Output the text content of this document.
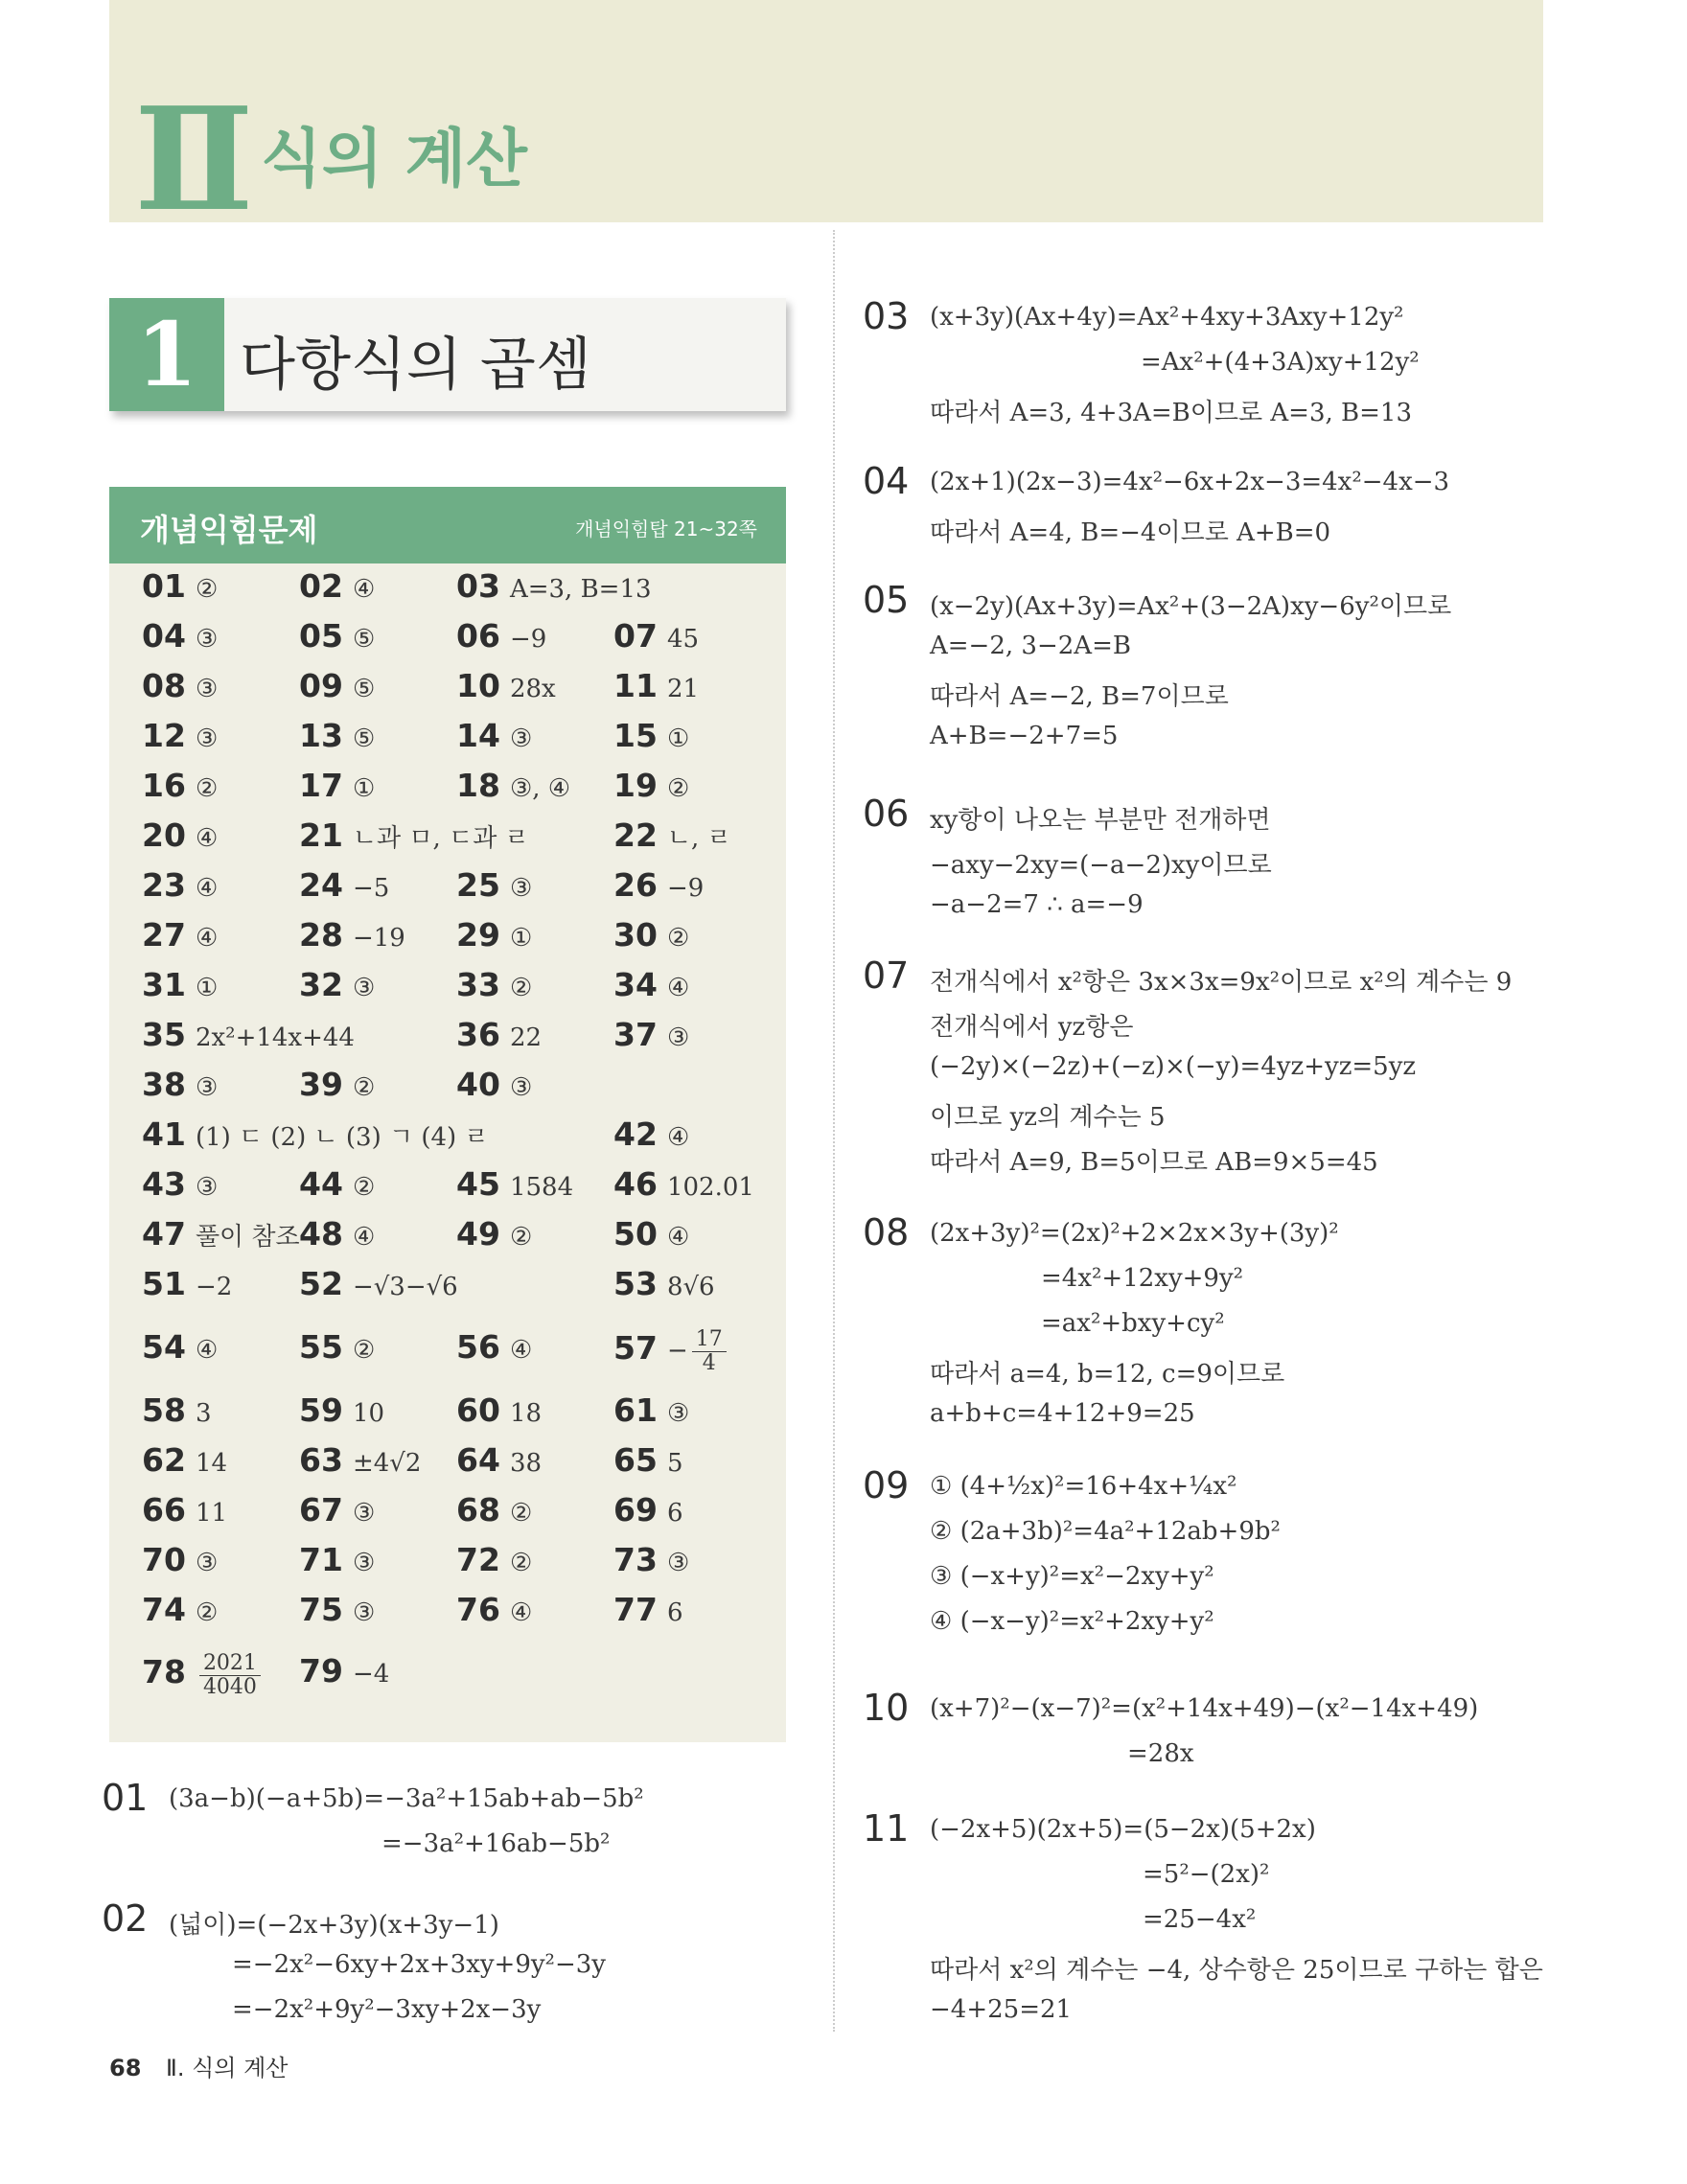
Ⅱ 식의 계산
1 다항식의 곱셈
개념익힘문제	개념익힘탑 21~32쪽
68 Ⅱ. 식의 계산
01 ②	02 ④	03 A=3, B=13
04 ③	05 ⑤	06 −9 07 45
08 ③	09 ⑤	10 28x 11 21
12 ③	13 ⑤	14 ③	15 ①
16 ②	17 ①	18 ③, ④ 19 ②
20 ④	21 ㄴ과 ㅁ, ㄷ과 ㄹ	22 ㄴ, ㄹ
23 ④	24 −5 25 ③	26 −9
27 ④	28 −19 29 ①	30 ②
31 ①	32 ③	33 ②	34 ④
35 2x²+14x+44	36 22 37 ③
38 ③	39 ②	40 ③
41 (1) ㄷ (2) ㄴ (3) ㄱ (4) ㄹ	42 ④
43 ③	44 ②	45 1584 46 102.01
47 풀이 참조 48 ④	49 ②	50 ④
51 −2 52 −√3−√6	53 8√6
54 ④	55 ②	56 ④	$57 - \frac{17}{4}$
58 3	59 10 60 18 61 ③
62 14 63 ±4√2 64 38 65 5
66 11 67 ③	68 ②	69 6
70 ③	71 ③	72 ②	73 ③
74 ②	75 ③	76 ④	77 6
$78 \frac{2021}{4040} 79 -4$
01 (3a−b)(−a+5b)=−3a²+15ab+ab−5b²
=−3a²+16ab−5b²
02 (넓이)=(−2x+3y)(x+3y−1)
=−2x²−6xy+2x+3xy+9y²−3y
=−2x²+9y²−3xy+2x−3y
03 (x+3y)(Ax+4y)=Ax²+4xy+3Axy+12y²
=Ax²+(4+3A)xy+12y²
따라서 A=3, 4+3A=B이므로 A=3, B=13
04 (2x+1)(2x−3)=4x²−6x+2x−3=4x²−4x−3
따라서 A=4, B=−4이므로 A+B=0
05 (x−2y)(Ax+3y)=Ax²+(3−2A)xy−6y²이므로
A=−2, 3−2A=B
따라서 A=−2, B=7이므로
A+B=−2+7=5
06 xy항이 나오는 부분만 전개하면
−axy−2xy=(−a−2)xy이므로
−a−2=7 ∴ a=−9
07 전개식에서 x²항은 3x×3x=9x²이므로 x²의 계수는 9
전개식에서 yz항은
(−2y)×(−2z)+(−z)×(−y)=4yz+yz=5yz
이므로 yz의 계수는 5
따라서 A=9, B=5이므로 AB=9×5=45
08 (2x+3y)²=(2x)²+2×2x×3y+(3y)²
=4x²+12xy+9y²
=ax²+bxy+cy²
따라서 a=4, b=12, c=9이므로
a+b+c=4+12+9=25
09 ① (4+½x)²=16+4x+¼x²
② (2a+3b)²=4a²+12ab+9b²
③ (−x+y)²=x²−2xy+y²
④ (−x−y)²=x²+2xy+y²
10 (x+7)²−(x−7)²=(x²+14x+49)−(x²−14x+49)
=28x
11 (−2x+5)(2x+5)=(5−2x)(5+2x)
=5²−(2x)²
=25−4x²
따라서 x²의 계수는 −4, 상수항은 25이므로 구하는 합은
−4+25=21
